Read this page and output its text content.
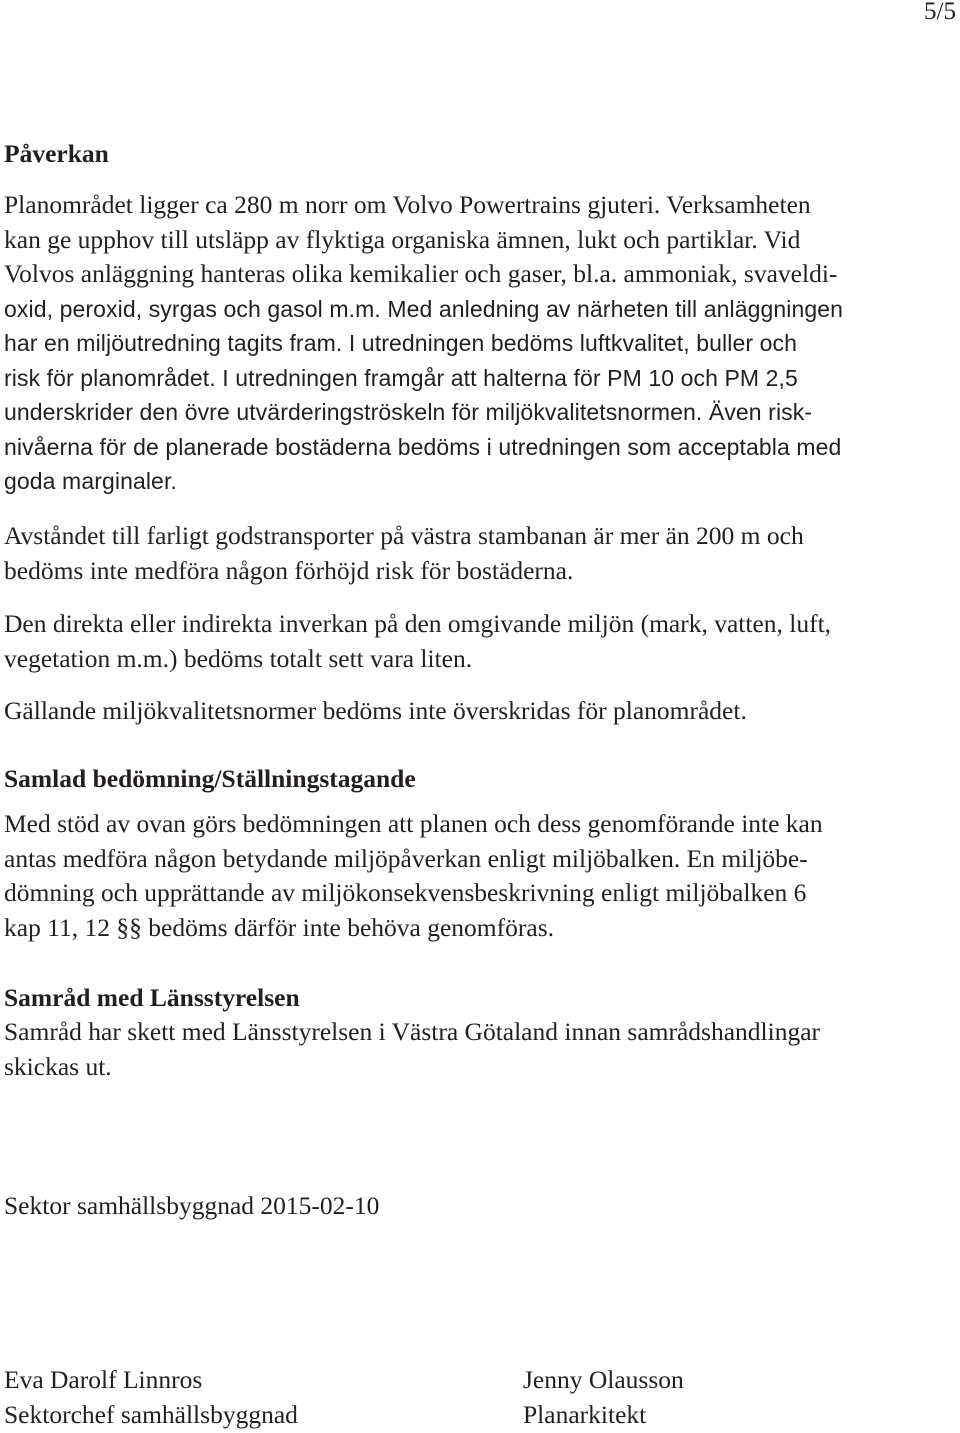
5/5
Påverkan
Planområdet ligger ca 280 m norr om Volvo Powertrains gjuteri. Verksamheten
kan ge upphov till utsläpp av flyktiga organiska ämnen, lukt och partiklar. Vid
Volvos anläggning hanteras olika kemikalier och gaser, bl.a. ammoniak, svaveldi-
oxid, peroxid, syrgas och gasol m.m. Med anledning av närheten till anläggningen
har en miljöutredning tagits fram. I utredningen bedöms luftkvalitet, buller och
risk för planområdet. I utredningen framgår att halterna för PM 10 och PM 2,5
underskrider den övre utvärderingströskeln för miljökvalitetsnormen. Även risk-
nivåerna för de planerade bostäderna bedöms i utredningen som acceptabla med
goda marginaler.
Avståndet till farligt godstransporter på västra stambanan är mer än 200 m och
bedöms inte medföra någon förhöjd risk för bostäderna.
Den direkta eller indirekta inverkan på den omgivande miljön (mark, vatten, luft,
vegetation m.m.) bedöms totalt sett vara liten.
Gällande miljökvalitetsnormer bedöms inte överskridas för planområdet.
Samlad bedömning/Ställningstagande
Med stöd av ovan görs bedömningen att planen och dess genomförande inte kan
antas medföra någon betydande miljöpåverkan enligt miljöbalken. En miljöbe-
dömning och upprättande av miljökonsekvensbeskrivning enligt miljöbalken 6
kap 11, 12 §§ bedöms därför inte behöva genomföras.
Samråd med Länsstyrelsen
Samråd har skett med Länsstyrelsen i Västra Götaland innan samrådshandlingar
skickas ut.
Sektor samhällsbyggnad 2015-02-10
Eva Darolf Linnros
Sektorchef samhällsbyggnad
Jenny Olausson
Planarkitekt
